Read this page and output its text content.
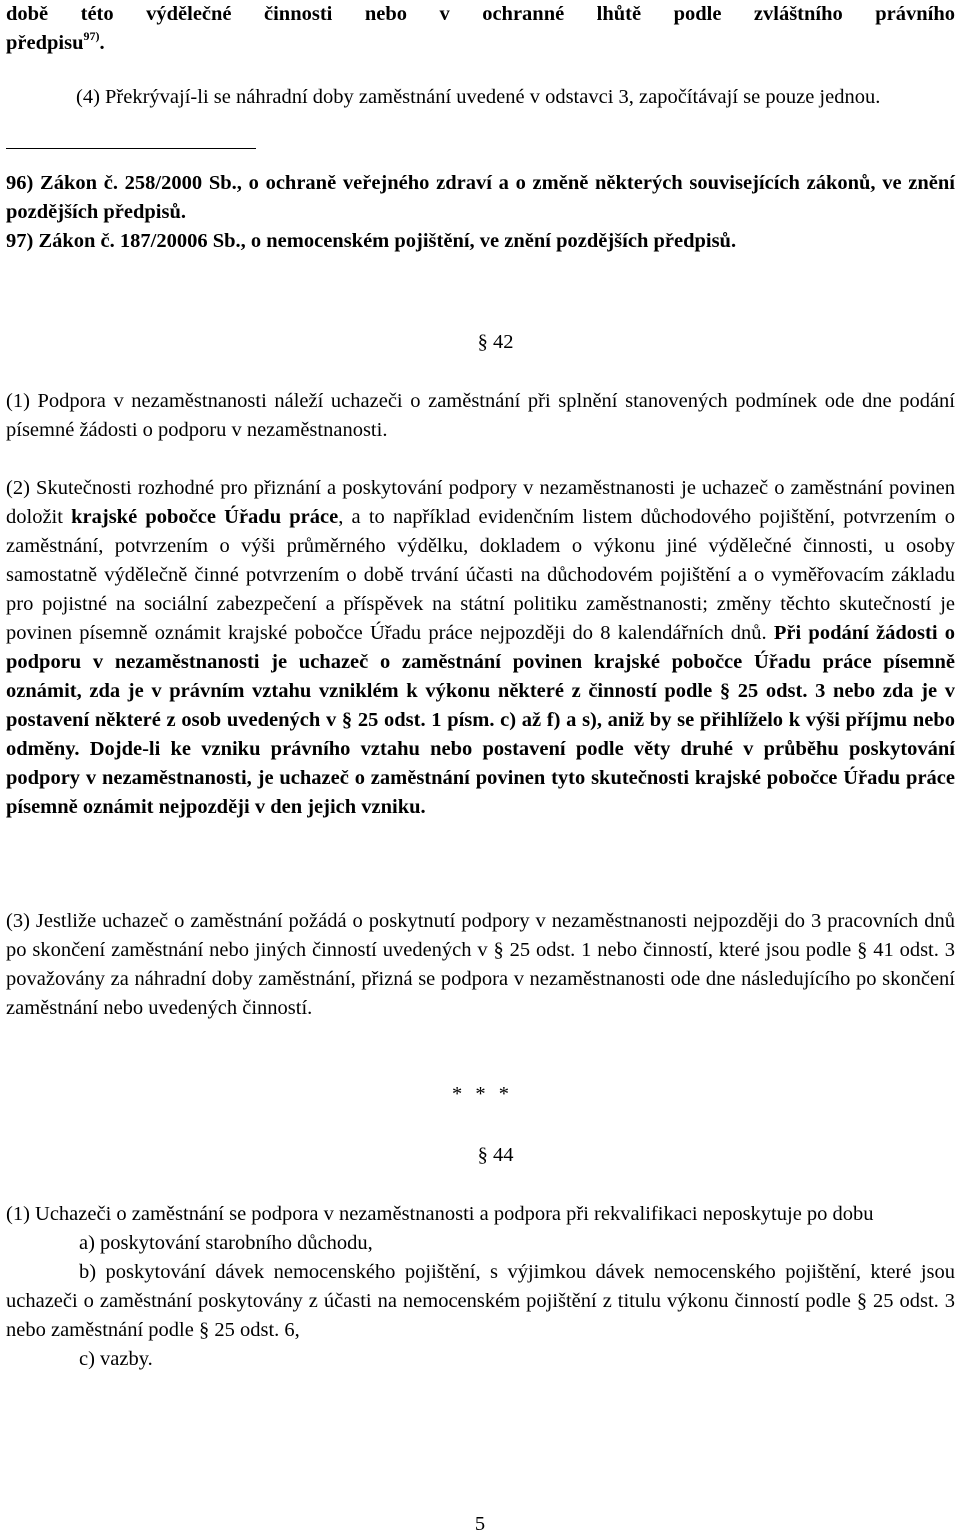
době této výdělečné činnosti nebo v ochranné lhůtě podle zvláštního právního

předpisu$^{97)}$.

(4) Překrývají-li se náhradní doby zaměstnání uvedené v odstavci 3, započítávají se pouze jednou.

96) Zákon č. 258/2000 Sb., o ochraně veřejného zdraví a o změně některých souvisejících zákonů, ve znění pozdějších předpisů.

97) Zákon č. 187/20006 Sb., o nemocenském pojištění, ve znění pozdějších předpisů.

§ 42

(1) Podpora v nezaměstnanosti náleží uchazeči o zaměstnání při splnění stanovených podmínek ode dne podání písemné žádosti o podporu v nezaměstnanosti.

(2) Skutečnosti rozhodné pro přiznání a poskytování podpory v nezaměstnanosti je uchazeč o zaměstnání povinen doložit krajské pobočce Úřadu práce, a to například evidenčním listem důchodového pojištění, potvrzením o zaměstnání, potvrzením o výši průměrného výdělku, dokladem o výkonu jiné výdělečné činnosti, u osoby samostatně výdělečně činné potvrzením o době trvání účasti na důchodovém pojištění a o vyměřovacím základu pro pojistné na sociální zabezpečení a příspěvek na státní politiku zaměstnanosti; změny těchto skutečností je povinen písemně oznámit krajské pobočce Úřadu práce nejpozději do 8 kalendářních dnů. Při podání žádosti o podporu v nezaměstnanosti je uchazeč o zaměstnání povinen krajské pobočce Úřadu práce písemně oznámit, zda je v právním vztahu vzniklém k výkonu některé z činností podle § 25 odst. 3 nebo zda je v postavení některé z osob uvedených v § 25 odst. 1 písm. c) až f) a s), aniž by se přihlíželo k výši příjmu nebo odměny. Dojde-li ke vzniku právního vztahu nebo postavení podle věty druhé v průběhu poskytování podpory v nezaměstnanosti, je uchazeč o zaměstnání povinen tyto skutečnosti krajské pobočce Úřadu práce písemně oznámit nejpozději v den jejich vzniku.

(3) Jestliže uchazeč o zaměstnání požádá o poskytnutí podpory v nezaměstnanosti nejpozději do 3 pracovních dnů po skončení zaměstnání nebo jiných činností uvedených v § 25 odst. 1 nebo činností, které jsou podle § 41 odst. 3 považovány za náhradní doby zaměstnání, přizná se podpora v nezaměstnanosti ode dne následujícího po skončení zaměstnání nebo uvedených činností.

* * *

§ 44

(1) Uchazeči o zaměstnání se podpora v nezaměstnanosti a podpora při rekvalifikaci neposkytuje po dobu

a) poskytování starobního důchodu,

b) poskytování dávek nemocenského pojištění, s výjimkou dávek nemocenského pojištění, které jsou uchazeči o zaměstnání poskytovány z účasti na nemocenském pojištění z titulu výkonu činností podle § 25 odst. 3 nebo zaměstnání podle § 25 odst. 6,

c) vazby.

5
